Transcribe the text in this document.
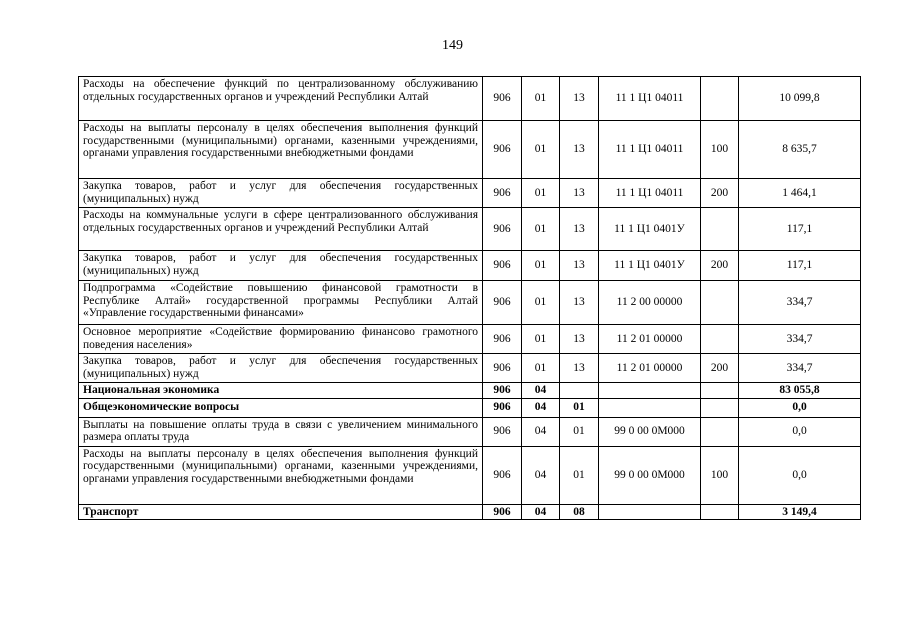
149
Расходы на обеспечение функций по централизованному обслуживанию отдельных государственных органов и учреждений Республики Алтай	906	01	13	11 1 Ц1 04011		10 099,8
Расходы на выплаты персоналу в целях обеспечения выполнения функций государственными (муниципальными) органами, казенными учреждениями, органами управления государственными внебюджетными фондами	906	01	13	11 1 Ц1 04011	100	8 635,7
Закупка товаров, работ и услуг для обеспечения государственных (муниципальных) нужд	906	01	13	11 1 Ц1 04011	200	1 464,1
Расходы на коммунальные услуги в сфере централизованного обслуживания отдельных государственных органов и учреждений Республики Алтай	906	01	13	11 1 Ц1 0401У		117,1
Закупка товаров, работ и услуг для обеспечения государственных (муниципальных) нужд	906	01	13	11 1 Ц1 0401У	200	117,1
Подпрограмма «Содействие повышению финансовой грамотности в Республике Алтай» государственной программы Республики Алтай «Управление государственными финансами»	906	01	13	11 2 00 00000		334,7
Основное мероприятие «Содействие формированию финансово грамотного поведения населения»	906	01	13	11 2 01 00000		334,7
Закупка товаров, работ и услуг для обеспечения государственных (муниципальных) нужд	906	01	13	11 2 01 00000	200	334,7
Национальная экономика	906	04				83 055,8
Общеэкономические вопросы	906	04	01			0,0
Выплаты на повышение оплаты труда в связи с увеличением минимального размера оплаты труда	906	04	01	99 0 00 0М000		0,0
Расходы на выплаты персоналу в целях обеспечения выполнения функций государственными (муниципальными) органами, казенными учреждениями, органами управления государственными внебюджетными фондами	906	04	01	99 0 00 0М000	100	0,0
Транспорт	906	04	08			3 149,4
